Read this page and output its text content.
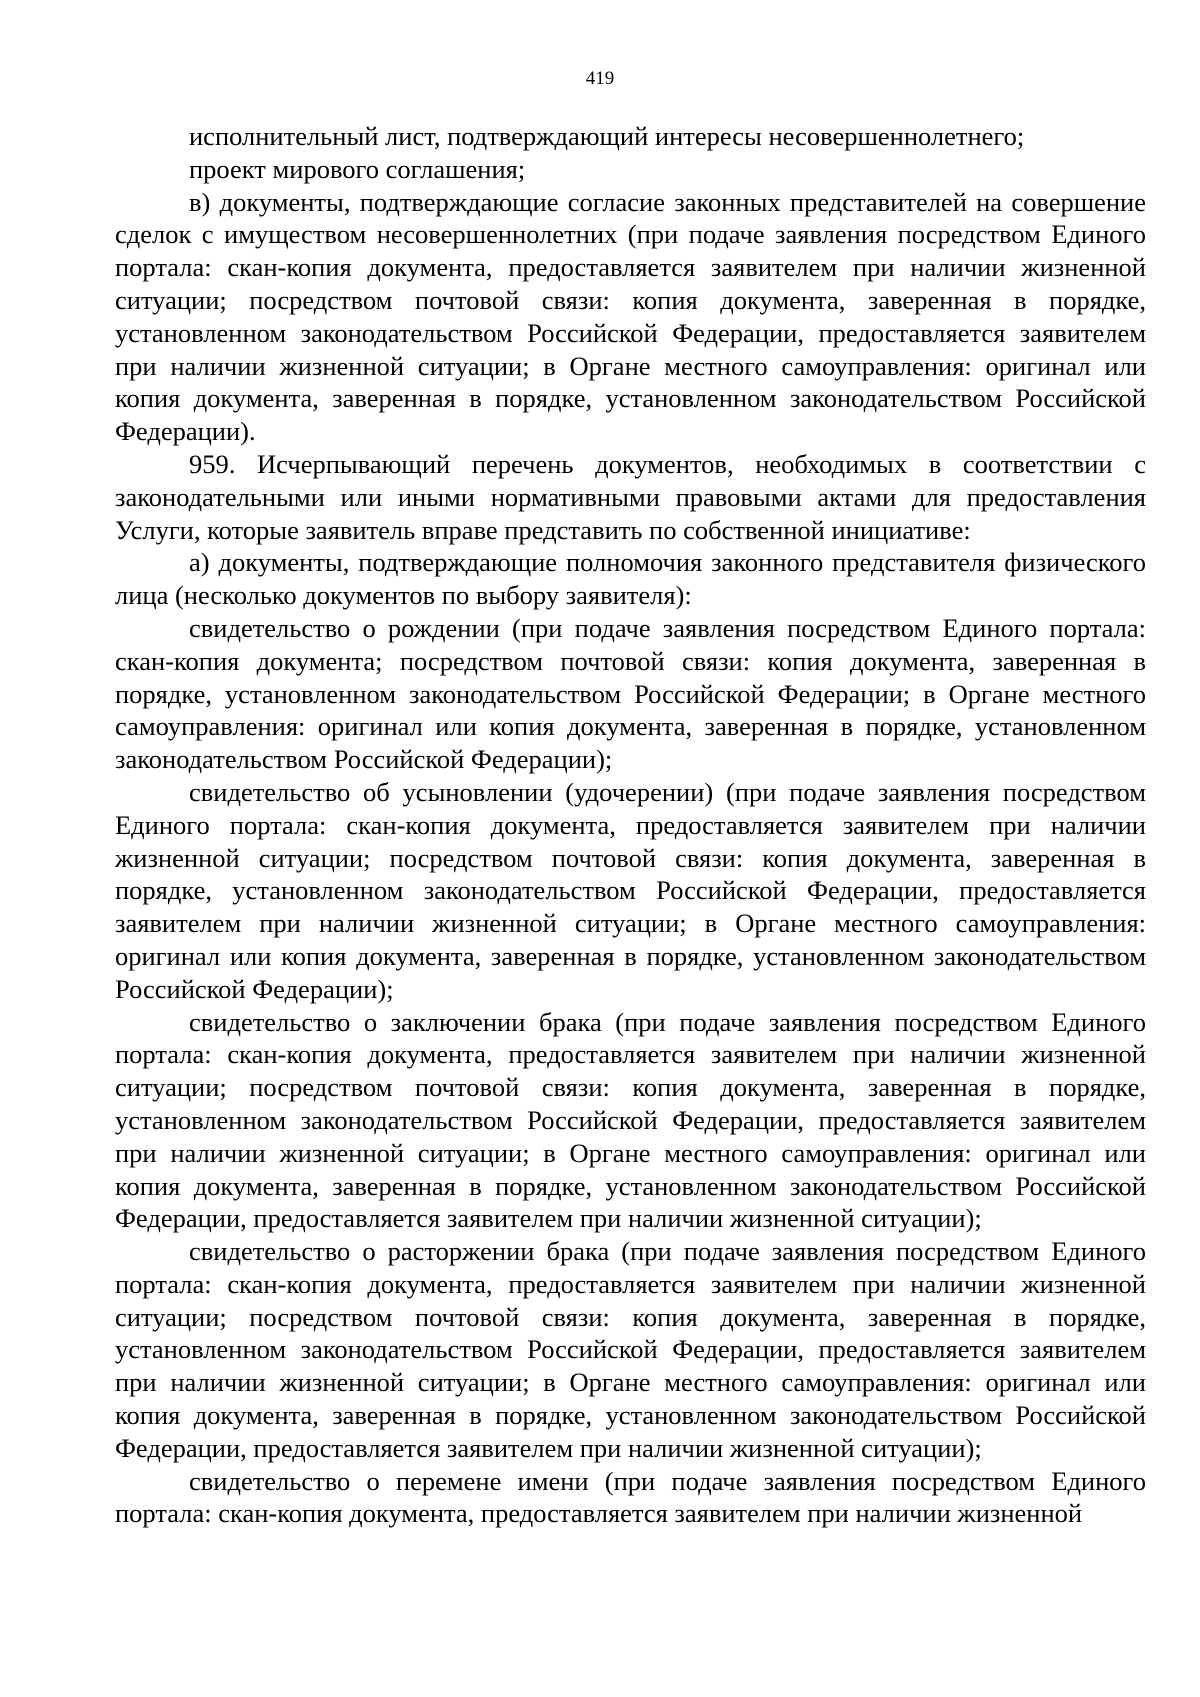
419

исполнительный лист, подтверждающий интересы несовершеннолетнего;

проект мирового соглашения;

в) документы, подтверждающие согласие законных представителей на совершение сделок с имуществом несовершеннолетних (при подаче заявления посредством Единого портала: скан-копия документа, предоставляется заявителем при наличии жизненной ситуации; посредством почтовой связи: копия документа, заверенная в порядке, установленном законодательством Российской Федерации, предоставляется заявителем при наличии жизненной ситуации; в Органе местного самоуправления: оригинал или копия документа, заверенная в порядке, установленном законодательством Российской Федерации).

959. Исчерпывающий перечень документов, необходимых в соответствии с законодательными или иными нормативными правовыми актами для предоставления Услуги, которые заявитель вправе представить по собственной инициативе:

а) документы, подтверждающие полномочия законного представителя физического лица (несколько документов по выбору заявителя):

свидетельство о рождении (при подаче заявления посредством Единого портала: скан-копия документа; посредством почтовой связи: копия документа, заверенная в порядке, установленном законодательством Российской Федерации; в Органе местного самоуправления: оригинал или копия документа, заверенная в порядке, установленном законодательством Российской Федерации);

свидетельство об усыновлении (удочерении) (при подаче заявления посредством Единого портала: скан-копия документа, предоставляется заявителем при наличии жизненной ситуации; посредством почтовой связи: копия документа, заверенная в порядке, установленном законодательством Российской Федерации, предоставляется заявителем при наличии жизненной ситуации; в Органе местного самоуправления: оригинал или копия документа, заверенная в порядке, установленном законодательством Российской Федерации);

свидетельство о заключении брака (при подаче заявления посредством Единого портала: скан-копия документа, предоставляется заявителем при наличии жизненной ситуации; посредством почтовой связи: копия документа, заверенная в порядке, установленном законодательством Российской Федерации, предоставляется заявителем при наличии жизненной ситуации; в Органе местного самоуправления: оригинал или копия документа, заверенная в порядке, установленном законодательством Российской Федерации, предоставляется заявителем при наличии жизненной ситуации);

свидетельство о расторжении брака (при подаче заявления посредством Единого портала: скан-копия документа, предоставляется заявителем при наличии жизненной ситуации; посредством почтовой связи: копия документа, заверенная в порядке, установленном законодательством Российской Федерации, предоставляется заявителем при наличии жизненной ситуации; в Органе местного самоуправления: оригинал или копия документа, заверенная в порядке, установленном законодательством Российской Федерации, предоставляется заявителем при наличии жизненной ситуации);

свидетельство о перемене имени (при подаче заявления посредством Единого портала: скан-копия документа, предоставляется заявителем при наличии жизненной
